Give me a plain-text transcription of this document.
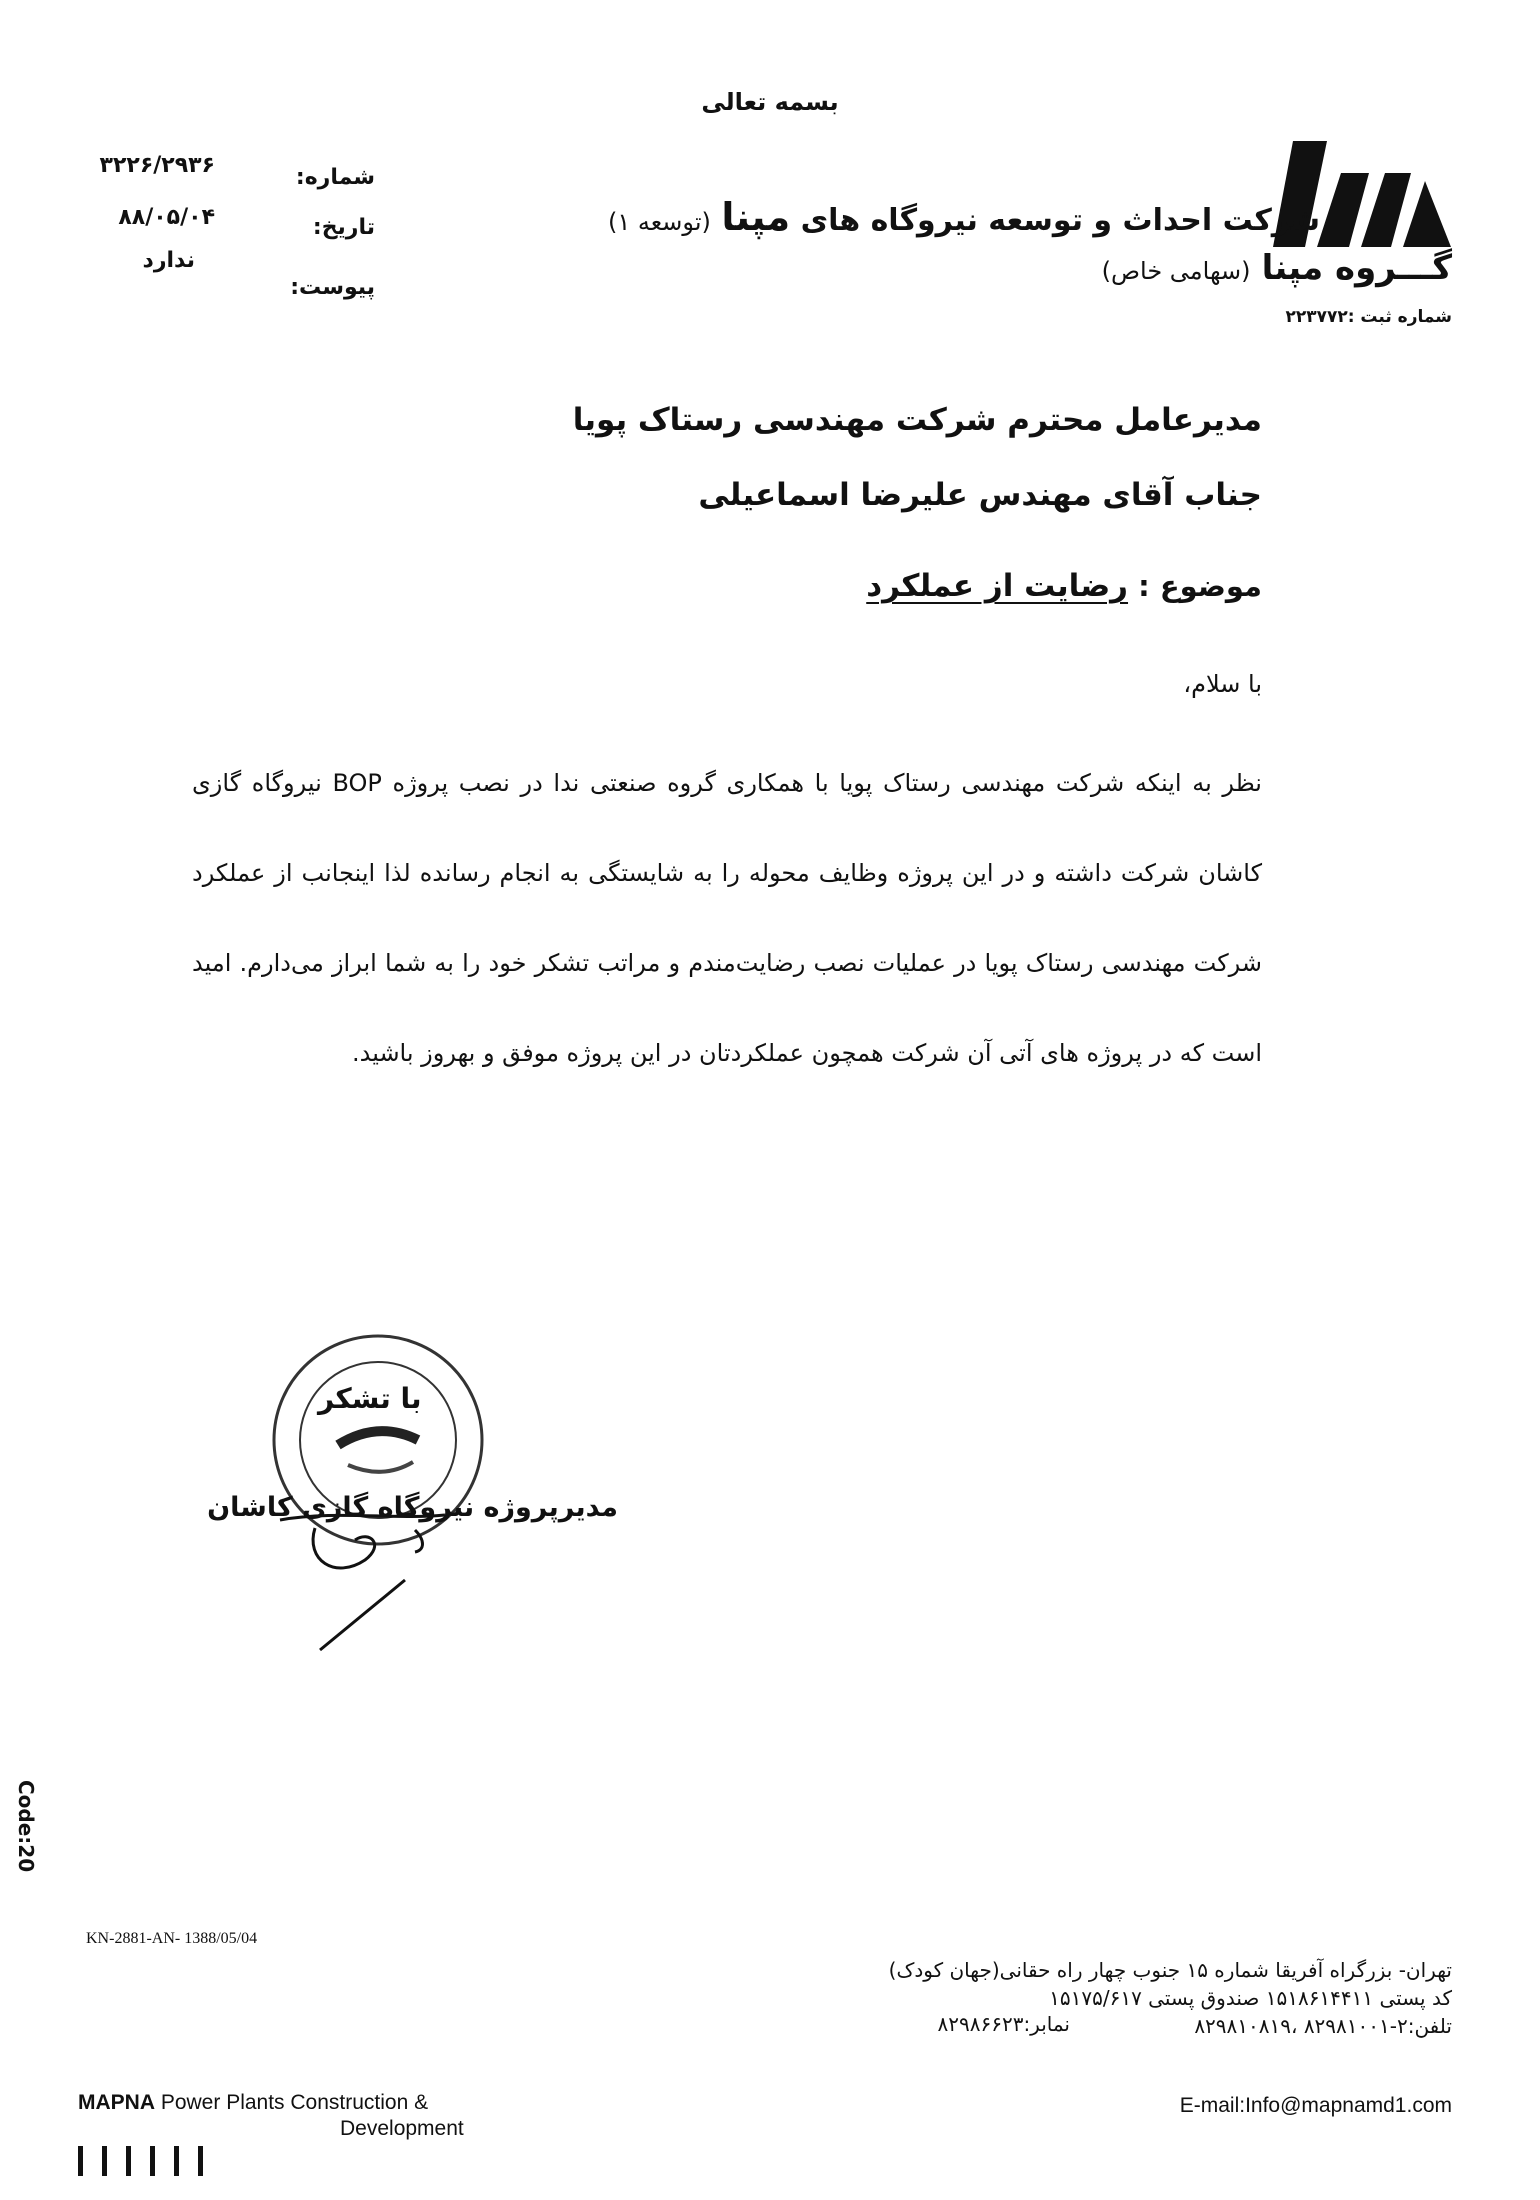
بسمه تعالی
شرکت احداث و توسعه نیروگاه های مپنا (توسعه ۱)
گـــروه مپنا (سهامی خاص)
شماره ثبت :۲۲۳۷۷۲
شماره:
۳۲۲۶/۲۹۳۶
تاریخ:
۸۸/۰۵/۰۴
پیوست:
ندارد
مدیرعامل محترم شرکت مهندسی رستاک پویا
جناب آقای مهندس علیرضا اسماعیلی
موضوع : رضایت از عملکرد
با سلام،
نظر به اینکه شرکت مهندسی رستاک پویا با همکاری گروه صنعتی ندا در نصب پروژه BOP نیروگاه گازی کاشان شرکت داشته و در این پروژه وظایف محوله را به شایستگی به انجام رسانده لذا اینجانب از عملکرد شرکت مهندسی رستاک پویا در عملیات نصب رضایت‌مندم و مراتب تشکر خود را به شما ابراز می‌دارم. امید است که در پروژه های آتی آن شرکت همچون عملکردتان در این پروژه موفق و بهروز باشید.
با تشکر
مدیرپروژه نیروگاه گازی کاشان
Code:20
KN-2881-AN- 1388/05/04
تهران- بزرگراه آفریقا شماره ۱۵ جنوب چهار راه حقانی(جهان کودک)
کد پستی ۱۵۱۸۶۱۴۴۱۱ صندوق پستی ۱۵۱۷۵/۶۱۷
تلفن:۲-۸۲۹۸۱۰۰۱ ،۸۲۹۸۱۰۸۱۹
نمابر:۸۲۹۸۶۶۲۳
E-mail:Info@mapnamd1.com
MAPNA Power Plants Construction &
Development
